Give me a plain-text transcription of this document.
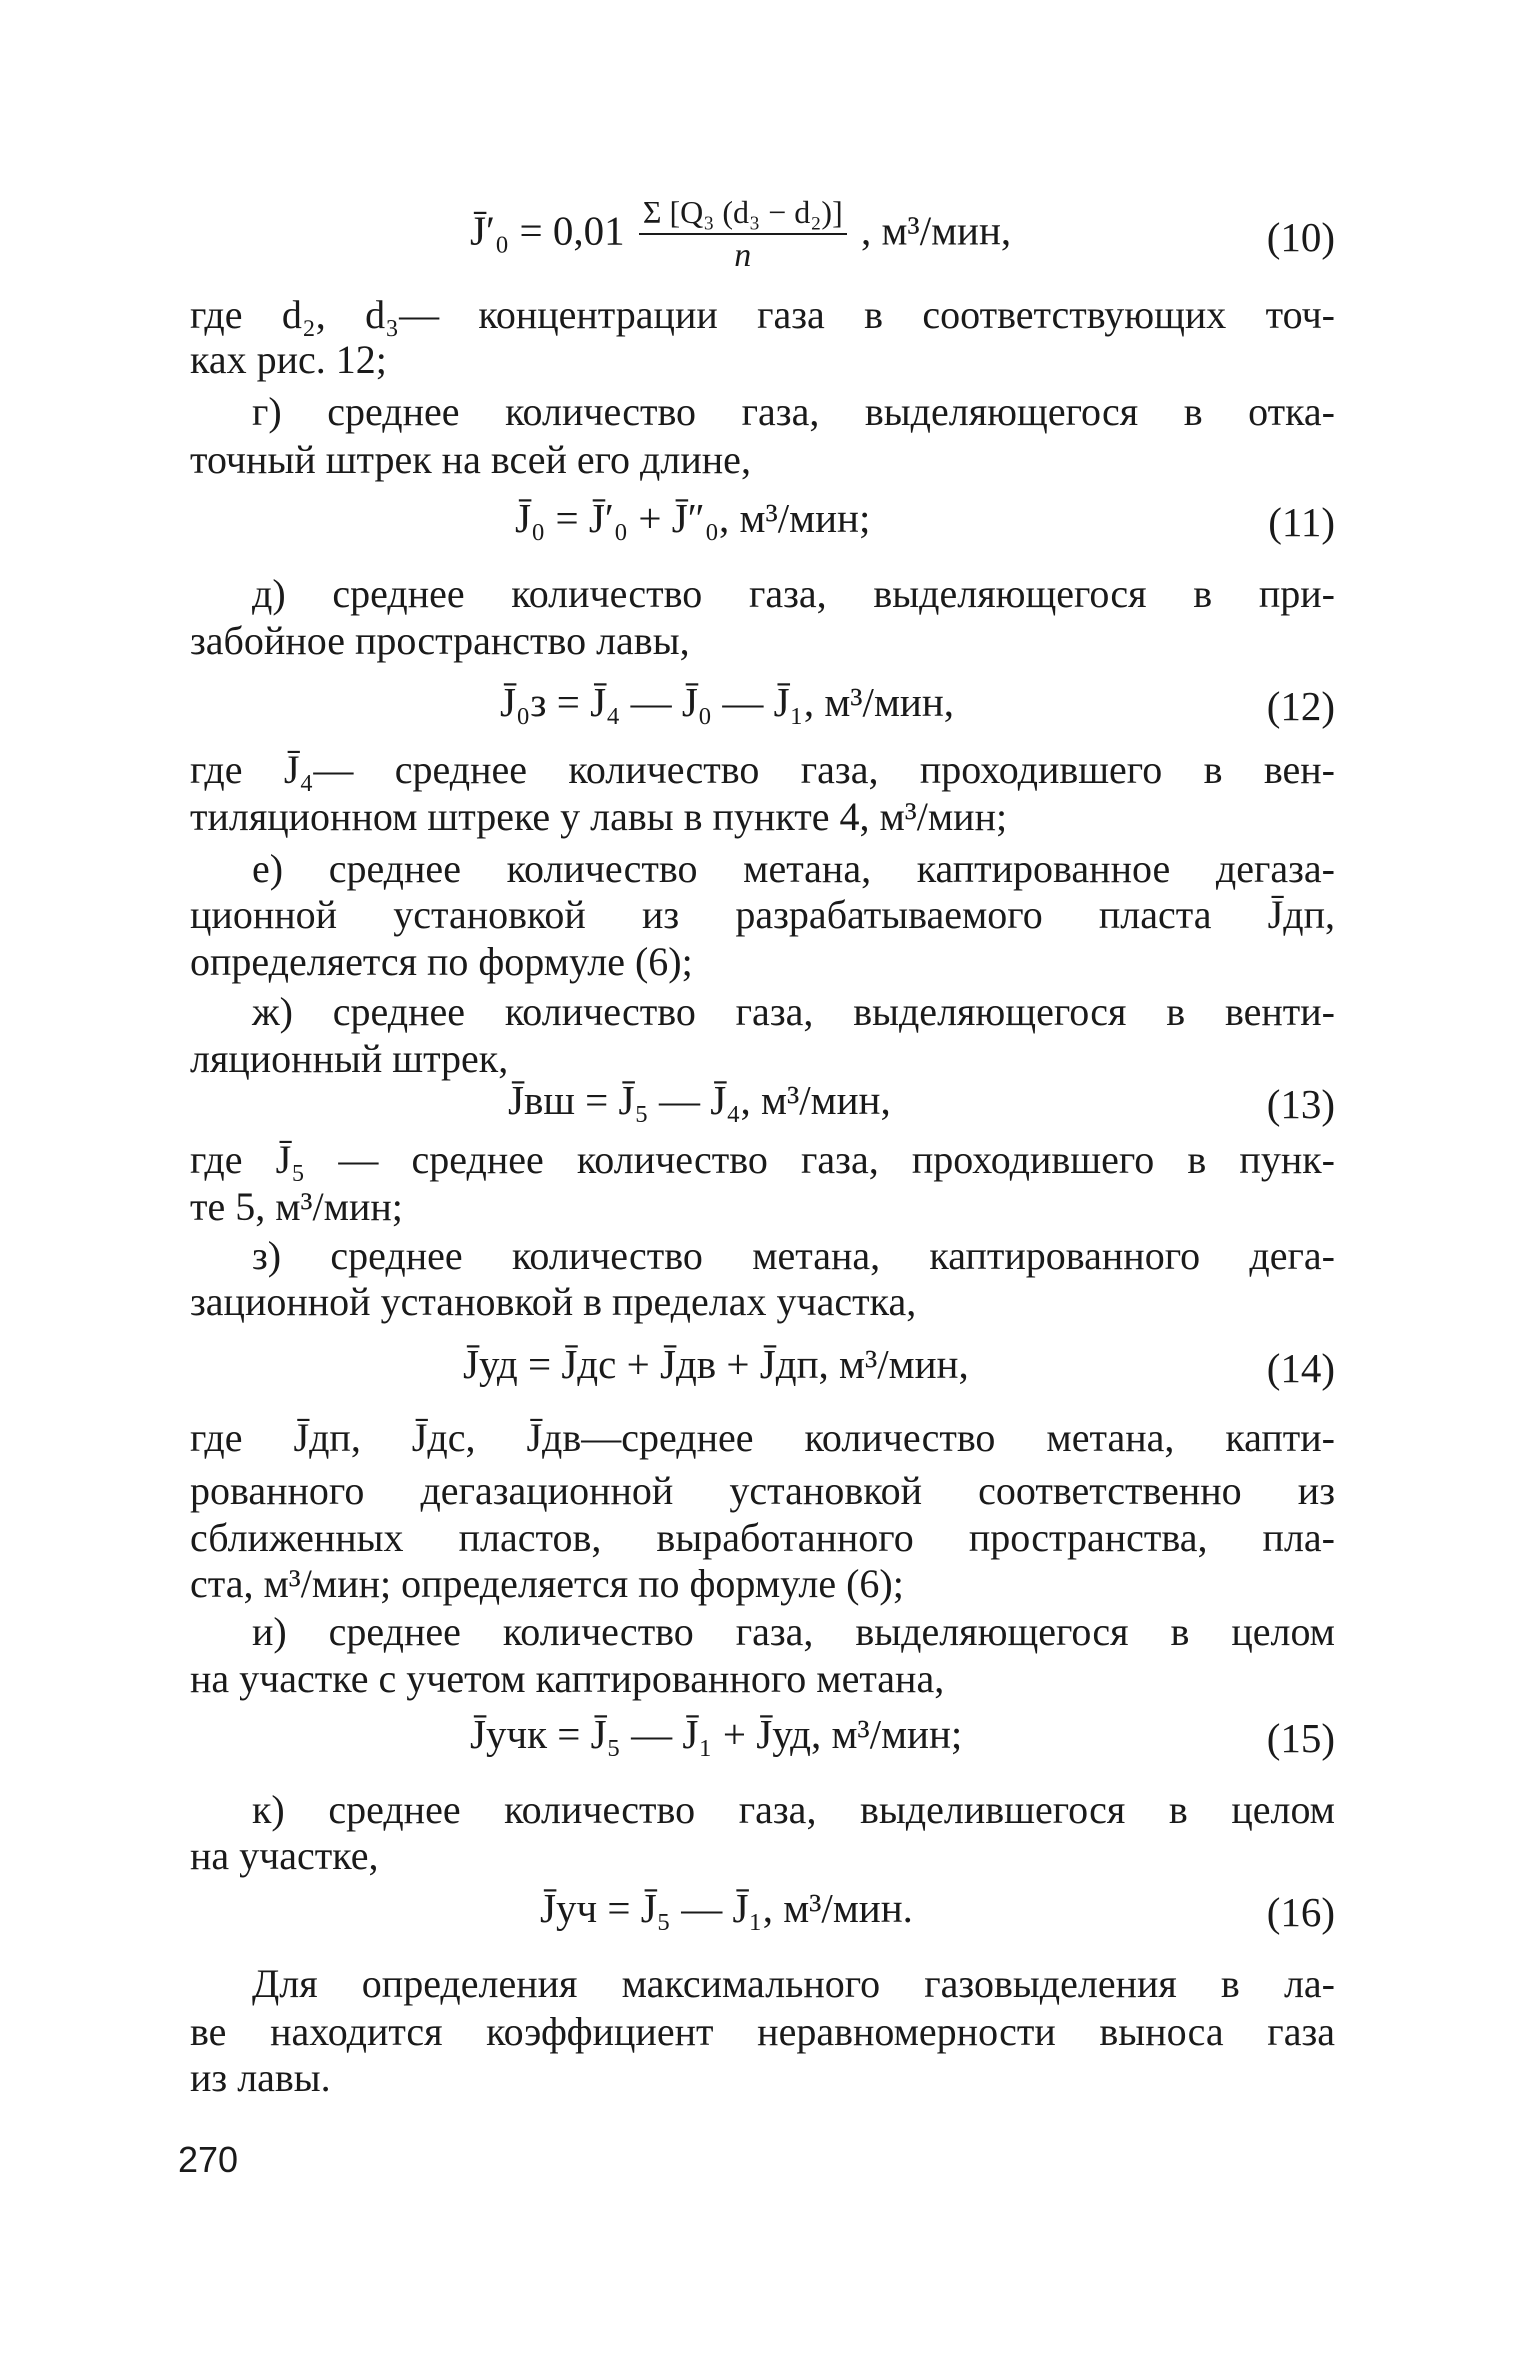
J̄′₀ = $0,01 \frac{\text{Σ [Q₃ (d₃ − d₂)]}}{n}$ , м³/мин,	(10)
где d₂, d₃— концентрации газа в соответствующих точ-
ках рис. 12;
г) среднее количество газа, выделяющегося в отка-
точный штрек на всей его длине,
J̄₀ = J̄′₀ + J̄″₀, м³/мин;	(11)
д) среднее количество газа, выделяющегося в при-
забойное пространство лавы,
J̄₀з = J̄₄ — J̄₀ — J̄₁, м³/мин,	(12)
где J̄₄— среднее количество газа, проходившего в вен-
тиляционном штреке у лавы в пункте 4, м³/мин;
е) среднее количество метана, каптированное дегаза-
ционной установкой из разрабатываемого пласта J̄дп,
определяется по формуле (6);
ж) среднее количество газа, выделяющегося в венти-
ляционный штрек,
J̄вш = J̄₅ — J̄₄, м³/мин,	(13)
где J̄₅ — среднее количество газа, проходившего в пунк-
те 5, м³/мин;
з) среднее количество метана, каптированного дега-
зационной установкой в пределах участка,
J̄уд = J̄дс + J̄дв + J̄дп, м³/мин,	(14)
где J̄дп, J̄дс, J̄дв—среднее количество метана, капти-
рованного дегазационной установкой соответственно из
сближенных пластов, выработанного пространства, пла-
ста, м³/мин; определяется по формуле (6);
и) среднее количество газа, выделяющегося в целом
на участке с учетом каптированного метана,
J̄учк = J̄₅ — J̄₁ + J̄уд, м³/мин;	(15)
к) среднее количество газа, выделившегося в целом
на участке,
J̄уч = J̄₅ — J̄₁, м³/мин.	(16)
Для определения максимального газовыделения в ла-
ве находится коэффициент неравномерности выноса газа
из лавы.
270
